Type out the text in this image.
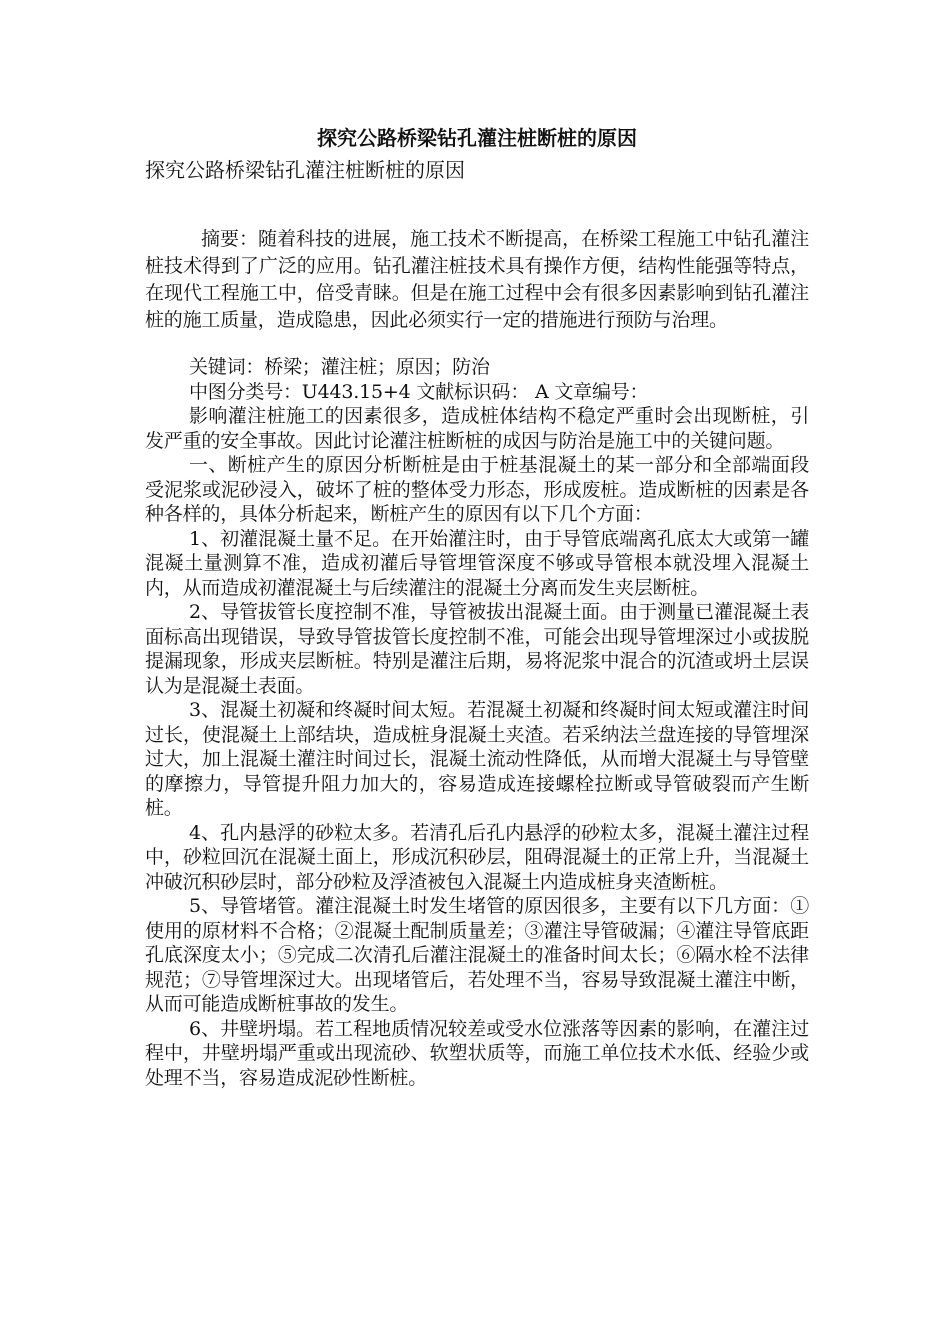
探究公路桥梁钻孔灌注桩断桩的原因
探究公路桥梁钻孔灌注桩断桩的原因

摘要：随着科技的进展，施工技术不断提高，在桥梁工程施工中钻孔灌注桩技术得到了广泛的应用。钻孔灌注桩技术具有操作方便，结构性能强等特点，在现代工程施工中，倍受青睐。但是在施工过程中会有很多因素影响到钻孔灌注桩的施工质量，造成隐患，因此必须实行一定的措施进行预防与治理。

关键词：桥梁；灌注桩；原因；防治

中图分类号：U443.15+4 文献标识码： A 文章编号：

影响灌注桩施工的因素很多，造成桩体结构不稳定严重时会出现断桩，引发严重的安全事故。因此讨论灌注桩断桩的成因与防治是施工中的关键问题。

一、断桩产生的原因分析断桩是由于桩基混凝土的某一部分和全部端面段受泥浆或泥砂浸入，破坏了桩的整体受力形态，形成废桩。造成断桩的因素是各种各样的，具体分析起来，断桩产生的原因有以下几个方面：

1、初灌混凝土量不足。在开始灌注时，由于导管底端离孔底太大或第一罐混凝土量测算不准，造成初灌后导管埋管深度不够或导管根本就没埋入混凝土内，从而造成初灌混凝土与后续灌注的混凝土分离而发生夹层断桩。

2、导管拔管长度控制不准，导管被拔出混凝土面。由于测量已灌混凝土表面标高出现错误，导致导管拔管长度控制不准，可能会出现导管埋深过小或拔脱提漏现象，形成夹层断桩。特别是灌注后期，易将泥浆中混合的沉渣或坍土层误认为是混凝土表面。

3、混凝土初凝和终凝时间太短。若混凝土初凝和终凝时间太短或灌注时间过长，使混凝土上部结块，造成桩身混凝土夹渣。若采纳法兰盘连接的导管埋深过大，加上混凝土灌注时间过长，混凝土流动性降低，从而增大混凝土与导管壁的摩擦力，导管提升阻力加大的，容易造成连接螺栓拉断或导管破裂而产生断桩。

4、孔内悬浮的砂粒太多。若清孔后孔内悬浮的砂粒太多，混凝土灌注过程中，砂粒回沉在混凝土面上，形成沉积砂层，阻碍混凝土的正常上升，当混凝土冲破沉积砂层时，部分砂粒及浮渣被包入混凝土内造成桩身夹渣断桩。

5、导管堵管。灌注混凝土时发生堵管的原因很多，主要有以下几方面：①使用的原材料不合格；②混凝土配制质量差；③灌注导管破漏；④灌注导管底距孔底深度太小；⑤完成二次清孔后灌注混凝土的准备时间太长；⑥隔水栓不法律规范；⑦导管埋深过大。出现堵管后，若处理不当，容易导致混凝土灌注中断，从而可能造成断桩事故的发生。

6、井壁坍塌。若工程地质情况较差或受水位涨落等因素的影响，在灌注过程中，井壁坍塌严重或出现流砂、软塑状质等，而施工单位技术水低、经验少或处理不当，容易造成泥砂性断桩。
